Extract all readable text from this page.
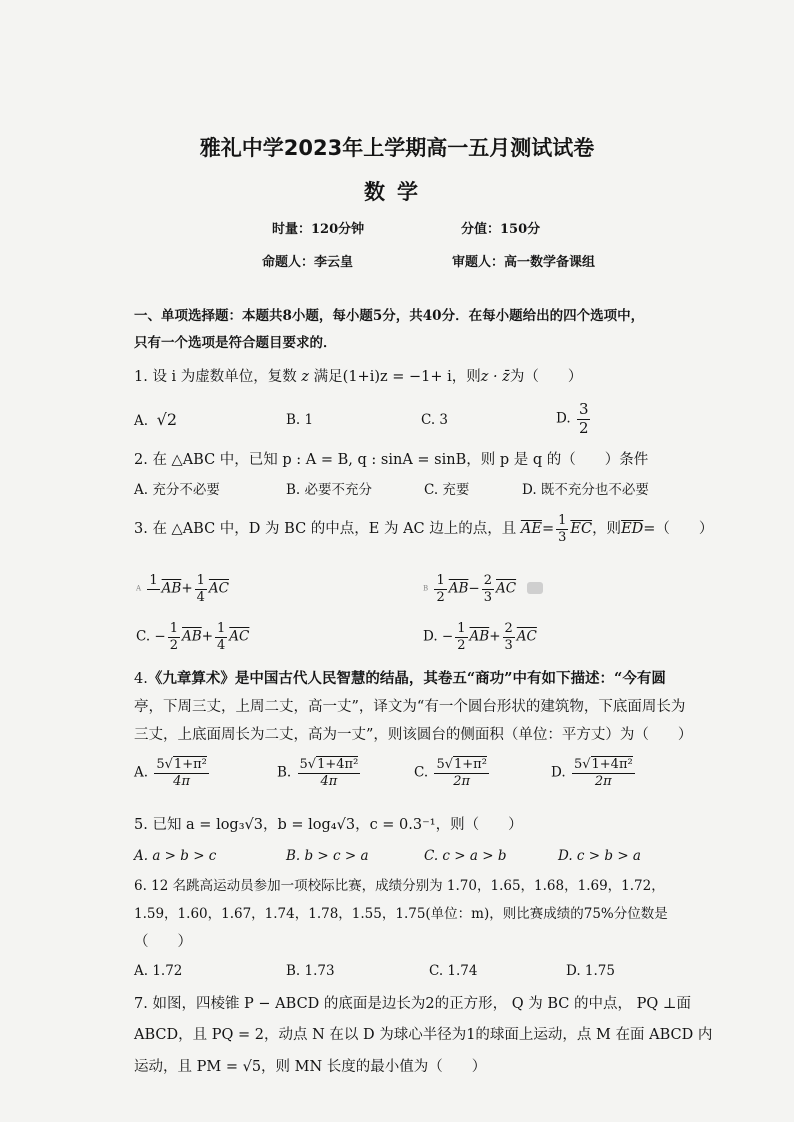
雅礼中学2023年上学期高一五月测试试卷
数学
时量：120分钟	分值：150分
命题人：李云皇	审题人：高一数学备课组
一、单项选择题：本题共8小题，每小题5分，共40分．在每小题给出的四个选项中，
只有一个选项是符合题目要求的．
1. 设 i 为虚数单位，复数 z 满足(1+i)z = −1+ i，则z · z̄为（　　）
A. √2	B. 1	C. 3	D. $\frac{3}{2}$
2. 在 △ABC 中，已知 p : A = B, q : sinA = sinB，则 p 是 q 的（　　）条件
A. 充分不必要	B. 必要不充分	C. 充要	D. 既不充分也不必要
3. 在 △ABC 中，D 为 BC 的中点，E 为 AC 边上的点，且 $\overline{AE}= \frac{1}{3} \overline{EC}$，则$\overline{ED}=$（　　）
A
1 $\overline{AB}+ \frac{1}{4} \overline{AC}$	B $\frac{1}{2} \overline{AB}- \frac{2}{3} \overline{AC}$
C. − $\frac{1}{2} \overline{AB}+ \frac{1}{4} \overline{AC}$	D. − $\frac{1}{2} \overline{AB}+ \frac{2}{3} \overline{AC}$
4.《九章算术》是中国古代人民智慧的结晶，其卷五“商功”中有如下描述：“今有圆
亭，下周三丈，上周二丈，高一丈”，译文为“有一个圆台形状的建筑物，下底面周长为
三丈，上底面周长为二丈，高为一丈”，则该圆台的侧面积（单位：平方丈）为（　　）
A. $\frac{\text{5√1+π²}}{4\pi}$	B. $\frac{\text{5√1+4π²}}{4\pi}$	C. $\frac{\text{5√1+π²}}{2\pi}$	D. $\frac{\text{5√1+4π²}}{2\pi}$
5. 已知 a = log₃√3，b = log₄√3，c = 0.3⁻¹，则（　　）
A. a > b > c	B. b > c > a	C. c > a > b	D. c > b > a
6. 12 名跳高运动员参加一项校际比赛，成绩分别为 1.70，1.65，1.68，1.69，1.72，
1.59，1.60，1.67，1.74，1.78，1.55，1.75(单位：m)，则比赛成绩的75%分位数是
（　　）
A. 1.72	B. 1.73	C. 1.74	D. 1.75
7. 如图，四棱锥 P − ABCD 的底面是边长为2的正方形， Q 为 BC 的中点， PQ ⊥面
ABCD，且 PQ = 2，动点 N 在以 D 为球心半径为1的球面上运动，点 M 在面 ABCD 内
运动，且 PM = √5，则 MN 长度的最小值为（　　）
